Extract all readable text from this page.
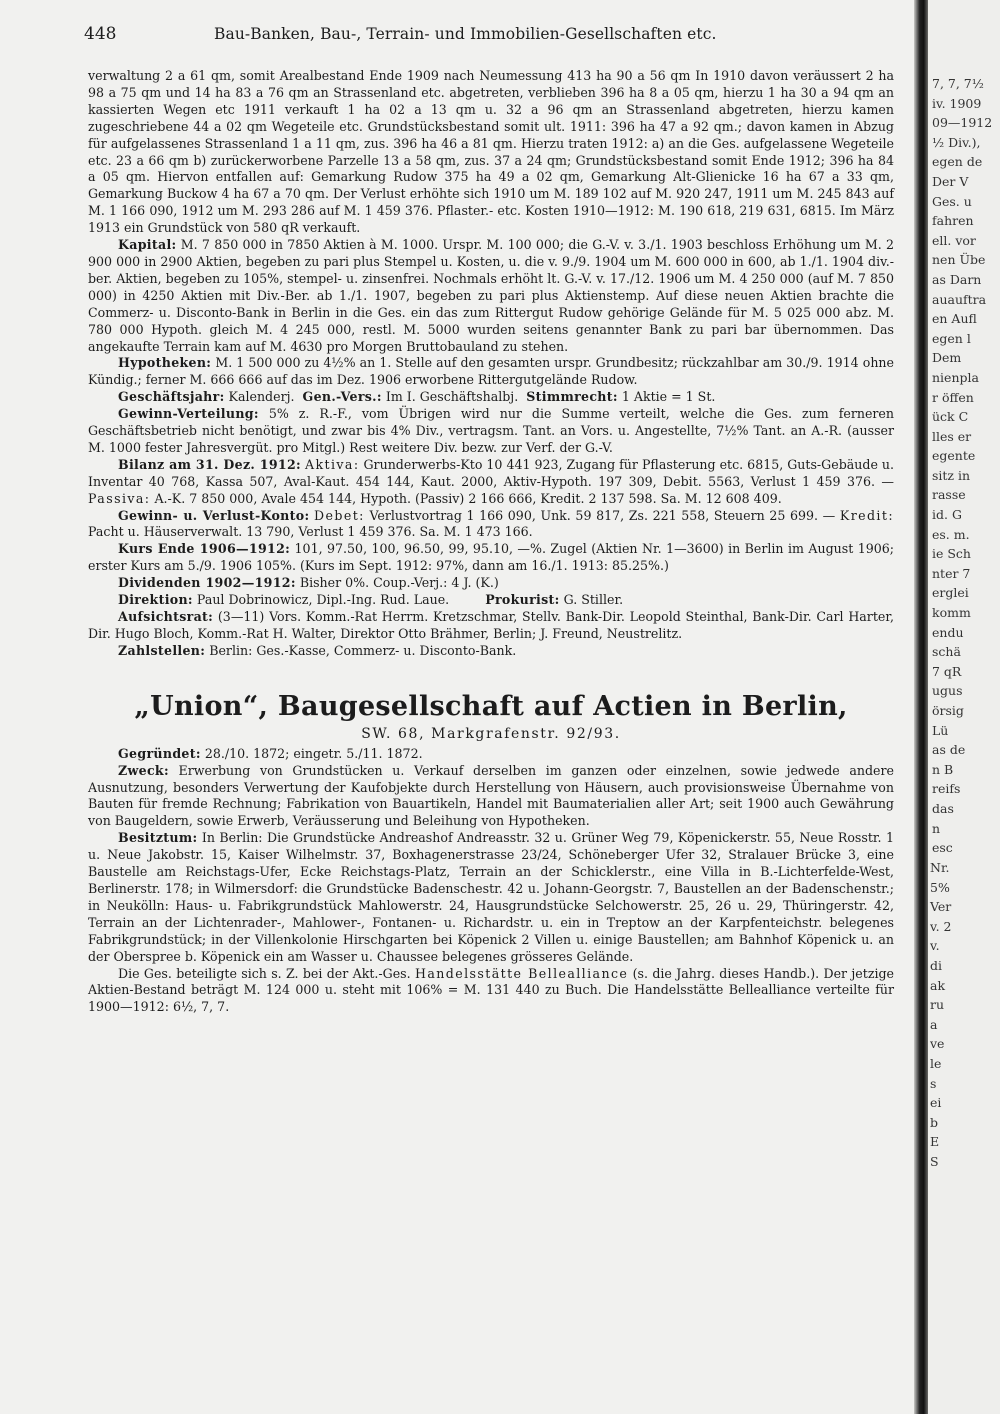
448	Bau-Banken, Bau-, Terrain- und Immobilien-Gesellschaften etc.

verwaltung 2 a 61 qm, somit Arealbestand Ende 1909 nach Neumessung 413 ha 90 a 56 qm In 1910 davon veräussert 2 ha 98 a 75 qm und 14 ha 83 a 76 qm an Strassenland etc. abgetreten, verblieben 396 ha 8 a 05 qm, hierzu 1 ha 30 a 94 qm an kassierten Wegen etc 1911 verkauft 1 ha 02 a 13 qm u. 32 a 96 qm an Strassenland abgetreten, hierzu kamen zugeschriebene 44 a 02 qm Wegeteile etc. Grundstücksbestand somit ult. 1911: 396 ha 47 a 92 qm.; davon kamen in Abzug für aufgelassenes Strassenland 1 a 11 qm, zus. 396 ha 46 a 81 qm. Hierzu traten 1912: a) an die Ges. aufgelassene Wegeteile etc. 23 a 66 qm b) zurückerworbene Parzelle 13 a 58 qm, zus. 37 a 24 qm; Grundstücksbestand somit Ende 1912; 396 ha 84 a 05 qm. Hiervon entfallen auf: Gemarkung Rudow 375 ha 49 a 02 qm, Gemarkung Alt-Glienicke 16 ha 67 a 33 qm, Gemarkung Buckow 4 ha 67 a 70 qm. Der Verlust erhöhte sich 1910 um M. 189 102 auf M. 920 247, 1911 um M. 245 843 auf M. 1 166 090, 1912 um M. 293 286 auf M. 1 459 376. Pflaster.- etc. Kosten 1910—1912: M. 190 618, 219 631, 6815. Im März 1913 ein Grundstück von 580 qR verkauft.

Kapital: M. 7 850 000 in 7850 Aktien à M. 1000. Urspr. M. 100 000; die G.-V. v. 3./1. 1903 beschloss Erhöhung um M. 2 900 000 in 2900 Aktien, begeben zu pari plus Stempel u. Kosten, u. die v. 9./9. 1904 um M. 600 000 in 600, ab 1./1. 1904 div.-ber. Aktien, begeben zu 105%, stempel- u. zinsenfrei. Nochmals erhöht lt. G.-V. v. 17./12. 1906 um M. 4 250 000 (auf M. 7 850 000) in 4250 Aktien mit Div.-Ber. ab 1./1. 1907, begeben zu pari plus Aktienstemp. Auf diese neuen Aktien brachte die Commerz- u. Disconto-Bank in Berlin in die Ges. ein das zum Rittergut Rudow gehörige Gelände für M. 5 025 000 abz. M. 780 000 Hypoth. gleich M. 4 245 000, restl. M. 5000 wurden seitens genannter Bank zu pari bar übernommen. Das angekaufte Terrain kam auf M. 4630 pro Morgen Bruttobauland zu stehen.

Hypotheken: M. 1 500 000 zu 4½% an 1. Stelle auf den gesamten urspr. Grundbesitz; rückzahlbar am 30./9. 1914 ohne Kündig.; ferner M. 666 666 auf das im Dez. 1906 erworbene Rittergutgelände Rudow.

Geschäftsjahr: Kalenderj. Gen.-Vers.: Im I. Geschäftshalbj. Stimmrecht: 1 Aktie = 1 St.

Gewinn-Verteilung: 5% z. R.-F., vom Übrigen wird nur die Summe verteilt, welche die Ges. zum ferneren Geschäftsbetrieb nicht benötigt, und zwar bis 4% Div., vertragsm. Tant. an Vors. u. Angestellte, 7½% Tant. an A.-R. (ausser M. 1000 fester Jahresvergüt. pro Mitgl.) Rest weitere Div. bezw. zur Verf. der G.-V.

Bilanz am 31. Dez. 1912: Aktiva: Grunderwerbs-Kto 10 441 923, Zugang für Pflasterung etc. 6815, Guts-Gebäude u. Inventar 40 768, Kassa 507, Aval-Kaut. 454 144, Kaut. 2000, Aktiv-Hypoth. 197 309, Debit. 5563, Verlust 1 459 376. — Passiva: A.-K. 7 850 000, Avale 454 144, Hypoth. (Passiv) 2 166 666, Kredit. 2 137 598. Sa. M. 12 608 409.

Gewinn- u. Verlust-Konto: Debet: Verlustvortrag 1 166 090, Unk. 59 817, Zs. 221 558, Steuern 25 699. — Kredit: Pacht u. Häuserverwalt. 13 790, Verlust 1 459 376. Sa. M. 1 473 166.

Kurs Ende 1906—1912: 101, 97.50, 100, 96.50, 99, 95.10, —%. Zugel (Aktien Nr. 1—3600) in Berlin im August 1906; erster Kurs am 5./9. 1906 105%. (Kurs im Sept. 1912: 97%, dann am 16./1. 1913: 85.25%.)

Dividenden 1902—1912: Bisher 0%. Coup.-Verj.: 4 J. (K.)

Direktion: Paul Dobrinowicz, Dipl.-Ing. Rud. Laue.	Prokurist: G. Stiller.

Aufsichtsrat: (3—11) Vors. Komm.-Rat Herrm. Kretzschmar, Stellv. Bank-Dir. Leopold Steinthal, Bank-Dir. Carl Harter, Dir. Hugo Bloch, Komm.-Rat H. Walter, Direktor Otto Brähmer, Berlin; J. Freund, Neustrelitz.

Zahlstellen: Berlin: Ges.-Kasse, Commerz- u. Disconto-Bank.

„Union“, Baugesellschaft auf Actien in Berlin,
SW. 68, Markgrafenstr. 92/93.

Gegründet: 28./10. 1872; eingetr. 5./11. 1872.

Zweck: Erwerbung von Grundstücken u. Verkauf derselben im ganzen oder einzelnen, sowie jedwede andere Ausnutzung, besonders Verwertung der Kaufobjekte durch Herstellung von Häusern, auch provisionsweise Übernahme von Bauten für fremde Rechnung; Fabrikation von Bauartikeln, Handel mit Baumaterialien aller Art; seit 1900 auch Gewährung von Baugeldern, sowie Erwerb, Veräusserung und Beleihung von Hypotheken.

Besitztum: In Berlin: Die Grundstücke Andreashof Andreasstr. 32 u. Grüner Weg 79, Köpenickerstr. 55, Neue Rosstr. 1 u. Neue Jakobstr. 15, Kaiser Wilhelmstr. 37, Boxhagenerstrasse 23/24, Schöneberger Ufer 32, Stralauer Brücke 3, eine Baustelle am Reichstags-Ufer, Ecke Reichstags-Platz, Terrain an der Schicklerstr., eine Villa in B.-Lichterfelde-West, Berlinerstr. 178; in Wilmersdorf: die Grundstücke Badenschestr. 42 u. Johann-Georgstr. 7, Baustellen an der Badenschenstr.; in Neukölln: Haus- u. Fabrikgrundstück Mahlowerstr. 24, Hausgrundstücke Selchowerstr. 25, 26 u. 29, Thüringerstr. 42, Terrain an der Lichtenrader-, Mahlower-, Fontanen- u. Richardstr. u. ein in Treptow an der Karpfenteichstr. belegenes Fabrikgrundstück; in der Villenkolonie Hirschgarten bei Köpenick 2 Villen u. einige Baustellen; am Bahnhof Köpenick u. an der Oberspree b. Köpenick ein am Wasser u. Chaussee belegenes grösseres Gelände.

Die Ges. beteiligte sich s. Z. bei der Akt.-Ges. Handelsstätte Bellealliance (s. die Jahrg. dieses Handb.). Der jetzige Aktien-Bestand beträgt M. 124 000 u. steht mit 106% = M. 131 440 zu Buch. Die Handelsstätte Bellealliance verteilte für 1900—1912: 6½, 7, 7.

7, 7, 7½

iv. 1909

09—1912

½ Div.),

egen de

Der V

Ges. u

fahren

ell. vor

nen Übe

as Darn

auauftra

en Aufl

egen l

Dem

nienpla

r öffen

ück C

lles er

egente

sitz in

rasse

id. G

es. m.

ie Sch

nter 7

erglei

komm

endu

schä

7 qR

ugus

örsig

Lü

as de

n B

reifs

das

n

esc

Nr.

5%

Ver

v. 2

v.

di

ak

ru

a

ve

le

s

ei

b

E

S
